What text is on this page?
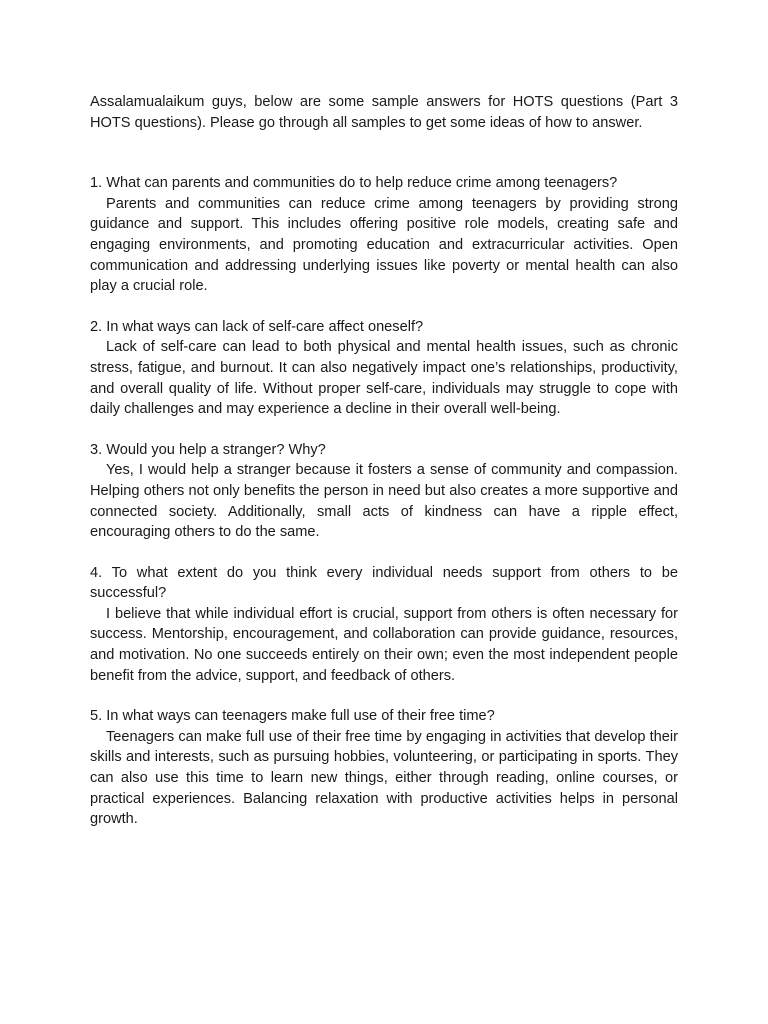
Assalamualaikum guys, below are some sample answers for HOTS questions (Part 3 HOTS questions). Please go through all samples to get some ideas of how to answer.

1. What can parents and communities do to help reduce crime among teenagers?

Parents and communities can reduce crime among teenagers by providing strong guidance and support. This includes offering positive role models, creating safe and engaging environments, and promoting education and extracurricular activities. Open communication and addressing underlying issues like poverty or mental health can also play a crucial role.

2. In what ways can lack of self-care affect oneself?

Lack of self-care can lead to both physical and mental health issues, such as chronic stress, fatigue, and burnout. It can also negatively impact one’s relationships, productivity, and overall quality of life. Without proper self-care, individuals may struggle to cope with daily challenges and may experience a decline in their overall well-being.

3. Would you help a stranger? Why?

Yes, I would help a stranger because it fosters a sense of community and compassion. Helping others not only benefits the person in need but also creates a more supportive and connected society. Additionally, small acts of kindness can have a ripple effect, encouraging others to do the same.

4. To what extent do you think every individual needs support from others to be successful?

I believe that while individual effort is crucial, support from others is often necessary for success. Mentorship, encouragement, and collaboration can provide guidance, resources, and motivation. No one succeeds entirely on their own; even the most independent people benefit from the advice, support, and feedback of others.

5. In what ways can teenagers make full use of their free time?

Teenagers can make full use of their free time by engaging in activities that develop their skills and interests, such as pursuing hobbies, volunteering, or participating in sports. They can also use this time to learn new things, either through reading, online courses, or practical experiences. Balancing relaxation with productive activities helps in personal growth.
